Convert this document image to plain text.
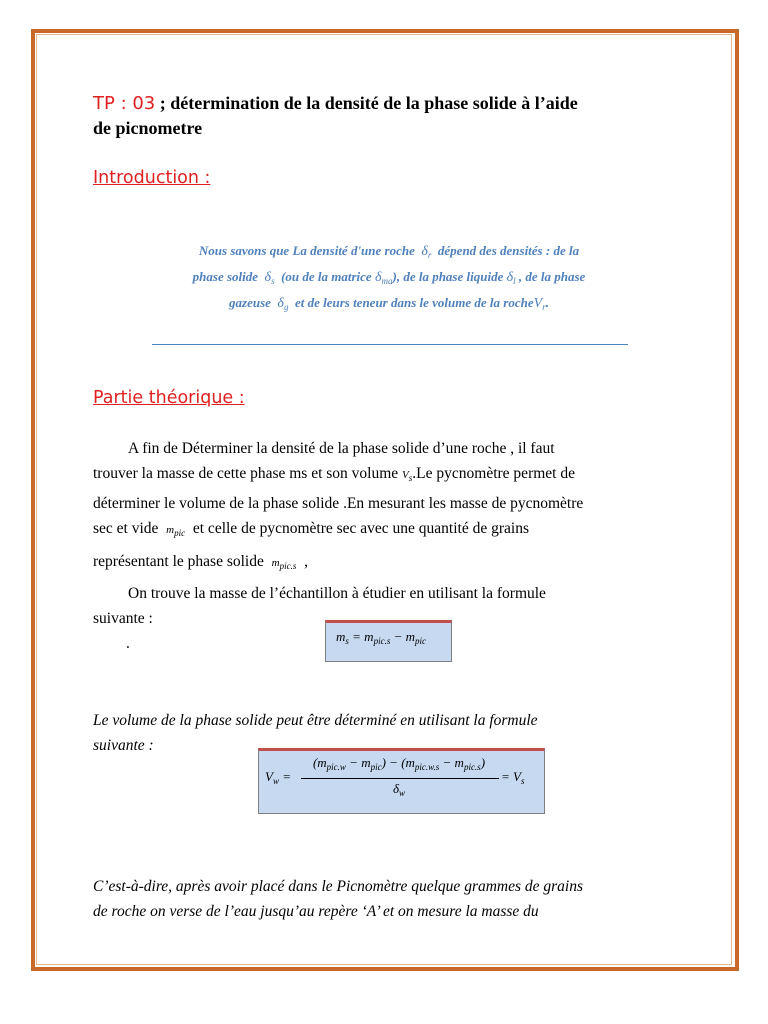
TP : 03 ; détermination de la densité de la phase solide à l’aide
de picnometre
Introduction :
Nous savons que La densité d'une roche $\delta_r$ dépend des densités : de la
phase solide $\delta_s$ (ou de la matrice $\delta_{ma}$), de la phase liquide $\delta_l$ , de la phase
gazeuse $\delta_g$ et de leurs teneur dans le volume de la rocheV$_r$.
Partie théorique :
A fin de Déterminer la densité de la phase solide d’une roche , il faut
trouver la masse de cette phase ms et son volume $V_s.Le$ pycnomètre permet de
déterminer le volume de la phase solide .En mesurant les masse de pycnomètre
sec et vide $m_{pic}$ et celle de pycnomètre sec avec une quantité de grains
représentant le phase solide $m_{pic.s}$ ,
On trouve la masse de l’échantillon à étudier en utilisant la formule
suivante :
.	$m_s = m_{pic.s} - m_{pic}$
Le volume de la phase solide peut être déterminé en utilisant la formule
suivante :
$V_w$ =
$(m_{pic.w} - m_{pic}) - (m_{pic.w.s} - m_{pic.s})$
$\delta_w$
= $V_s$
C’est-à-dire, après avoir placé dans le Picnomètre quelque grammes de grains
de roche on verse de l’eau jusqu’au repère ‘A’ et on mesure la masse du
